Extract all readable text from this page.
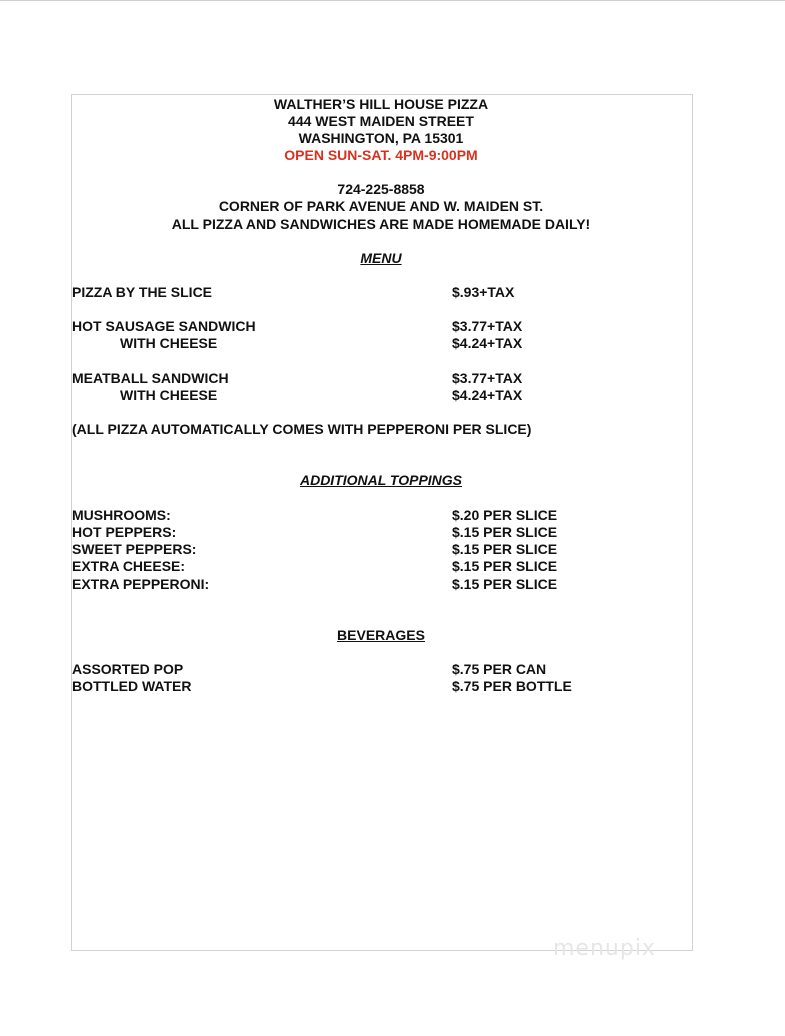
WALTHER’S HILL HOUSE PIZZA
444 WEST MAIDEN STREET
WASHINGTON, PA 15301
OPEN SUN-SAT. 4PM-9:00PM
724-225-8858
CORNER OF PARK AVENUE AND W. MAIDEN ST.
ALL PIZZA AND SANDWICHES ARE MADE HOMEMADE DAILY!
MENU
PIZZA BY THE SLICE	$.93+TAX
HOT SAUSAGE SANDWICH	$3.77+TAX
WITH CHEESE	$4.24+TAX
MEATBALL SANDWICH	$3.77+TAX
WITH CHEESE	$4.24+TAX
(ALL PIZZA AUTOMATICALLY COMES WITH PEPPERONI PER SLICE)
ADDITIONAL TOPPINGS
MUSHROOMS:	$.20 PER SLICE
HOT PEPPERS:	$.15 PER SLICE
SWEET PEPPERS:	$.15 PER SLICE
EXTRA CHEESE:	$.15 PER SLICE
EXTRA PEPPERONI:	$.15 PER SLICE
BEVERAGES
ASSORTED POP	$.75 PER CAN
BOTTLED WATER	$.75 PER BOTTLE
menupix
